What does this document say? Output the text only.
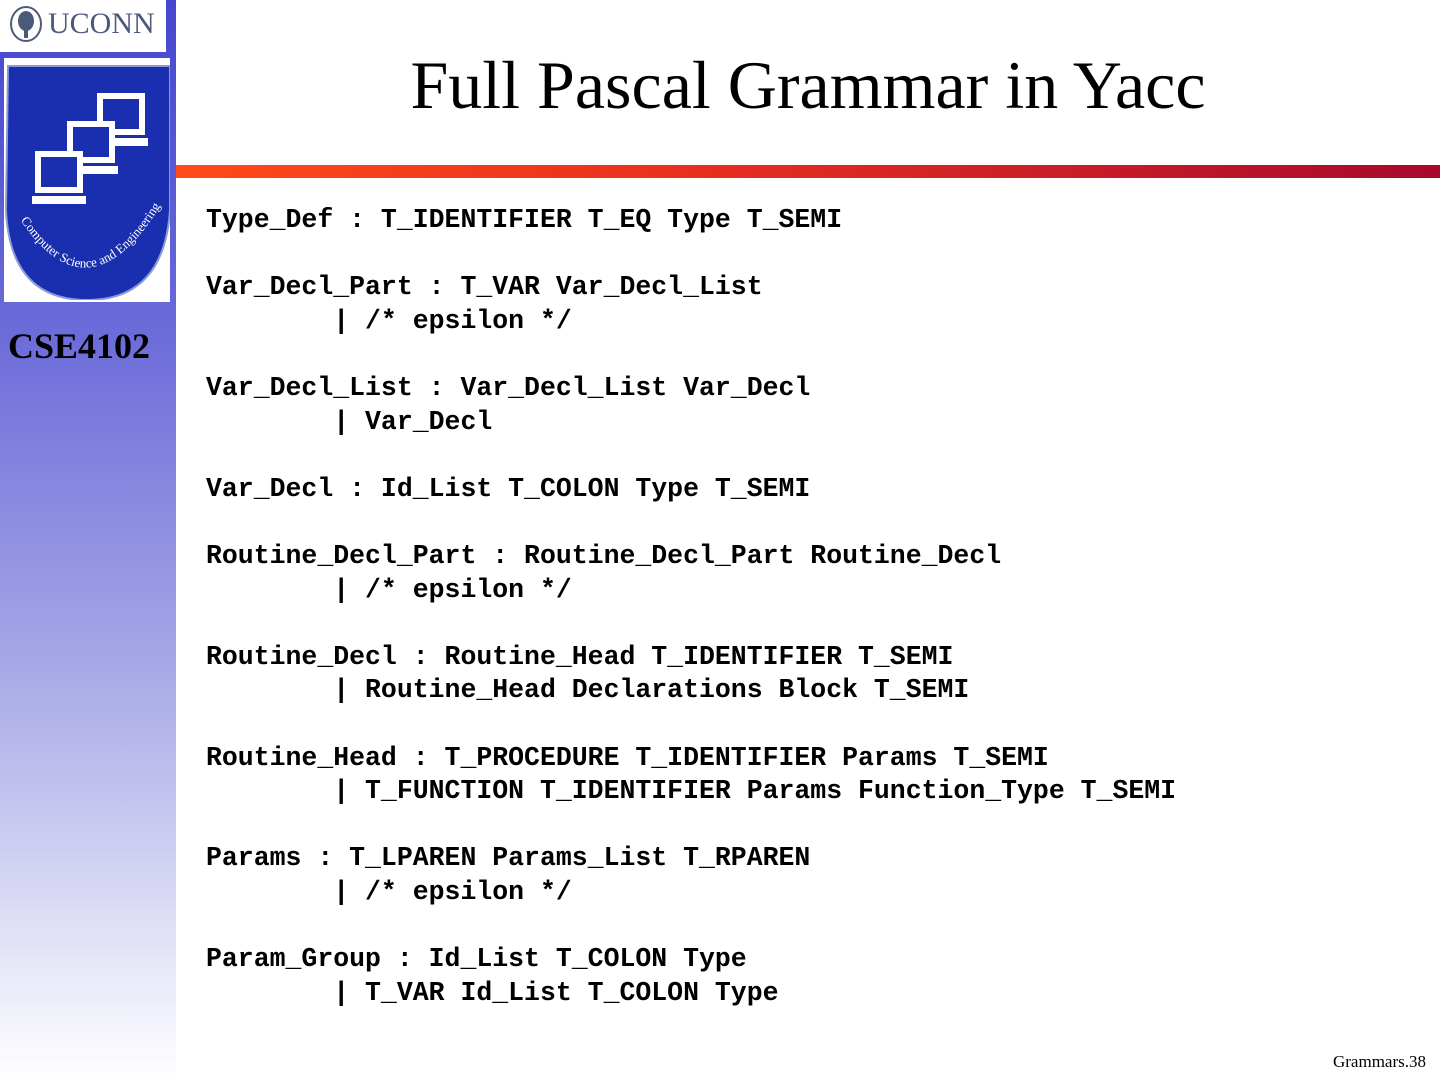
UCONN
Computer Science and Engineering
CSE4102
Full Pascal Grammar in Yacc
Type_Def : T_IDENTIFIER T_EQ Type T_SEMI
Var_Decl_Part : T_VAR Var_Decl_List
| /* epsilon */
Var_Decl_List : Var_Decl_List Var_Decl
| Var_Decl
Var_Decl : Id_List T_COLON Type T_SEMI
Routine_Decl_Part : Routine_Decl_Part Routine_Decl
| /* epsilon */
Routine_Decl : Routine_Head T_IDENTIFIER T_SEMI
| Routine_Head Declarations Block T_SEMI
Routine_Head : T_PROCEDURE T_IDENTIFIER Params T_SEMI
| T_FUNCTION T_IDENTIFIER Params Function_Type T_SEMI
Params : T_LPAREN Params_List T_RPAREN
| /* epsilon */
Param_Group : Id_List T_COLON Type
| T_VAR Id_List T_COLON Type
Grammars.38
